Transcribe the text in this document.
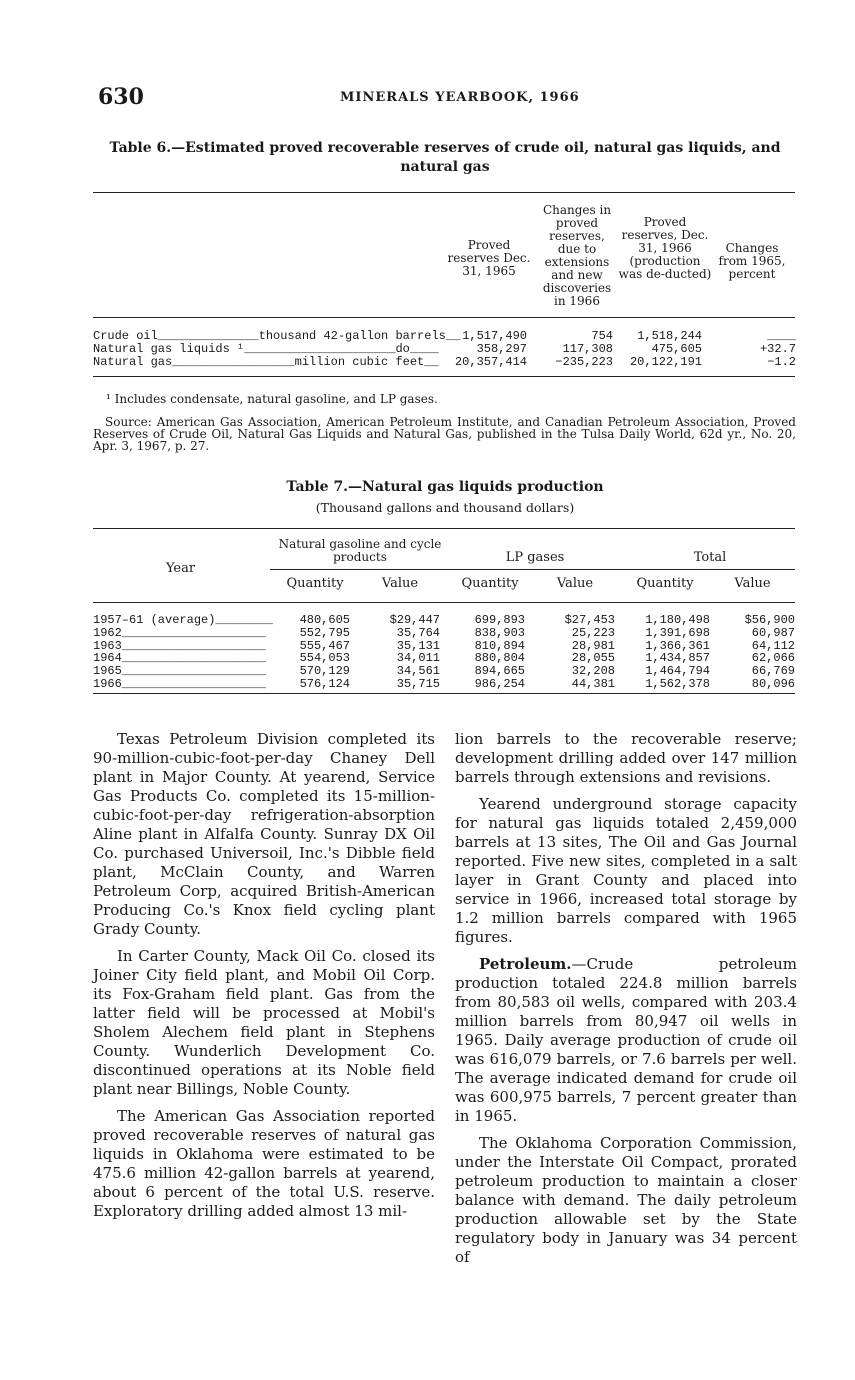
630	MINERALS YEARBOOK, 1966
Table 6.—Estimated proved recoverable reserves of crude oil, natural gas liquids, and
natural gas
Proved reserves Dec. 31, 1965
Changes in proved reserves, due to extensions and new discoveries in 1966
Proved reserves, Dec. 31, 1966 (production was de-ducted)
Changes from 1965, percent
Crude oil______________thousand 42-gallon barrels__ 1,517,490	754	1,518,244	____
Natural gas liquids ¹_____________________do____	358,297	117,308	475,605	+32.7
Natural gas_________________million cubic feet__	20,357,414	−235,223	20,122,191	−1.2
¹ Includes condensate, natural gasoline, and LP gases.
Source: American Gas Association, American Petroleum Institute, and Canadian Petroleum Association, Proved Reserves of Crude Oil, Natural Gas Liquids and Natural Gas, published in the Tulsa Daily World, 62d yr., No. 20, Apr. 3, 1967, p. 27.
Table 7.—Natural gas liquids production
(Thousand gallons and thousand dollars)
Year
Natural gasoline and cycle products	LP gases	Total
Quantity	Value	Quantity	Value	Quantity	Value
1957–61 (average)________	480,605	$29,447	699,893	$27,453	1,180,498	$56,900
1962____________________	552,795	35,764	838,903	25,223	1,391,698	60,987
1963____________________	555,467	35,131	810,894	28,981	1,366,361	64,112
1964____________________	554,053	34,011	880,804	28,055	1,434,857	62,066
1965____________________	570,129	34,561	894,665	32,208	1,464,794	66,769
1966____________________	576,124	35,715	986,254	44,381	1,562,378	80,096

Texas Petroleum Division completed its 90-million-cubic-foot-per-day Chaney Dell plant in Major County. At yearend, Service Gas Products Co. completed its 15-million-cubic-foot-per-day refrigeration-absorption Aline plant in Alfalfa County. Sunray DX Oil Co. purchased Universoil, Inc.'s Dibble field plant, McClain County, and Warren Petroleum Corp, acquired British-American Producing Co.'s Knox field cycling plant Grady County.

In Carter County, Mack Oil Co. closed its Joiner City field plant, and Mobil Oil Corp. its Fox-Graham field plant. Gas from the latter field will be processed at Mobil's Sholem Alechem field plant in Stephens County. Wunderlich Development Co. discontinued operations at its Noble field plant near Billings, Noble County.

The American Gas Association reported proved recoverable reserves of natural gas liquids in Oklahoma were estimated to be 475.6 million 42-gallon barrels at yearend, about 6 percent of the total U.S. reserve. Exploratory drilling added almost 13 mil-

lion barrels to the recoverable reserve; development drilling added over 147 million barrels through extensions and revisions.

Yearend underground storage capacity for natural gas liquids totaled 2,459,000 barrels at 13 sites, The Oil and Gas Journal reported. Five new sites, completed in a salt layer in Grant County and placed into service in 1966, increased total storage by 1.2 million barrels compared with 1965 figures.

Petroleum.—Crude petroleum production totaled 224.8 million barrels from 80,583 oil wells, compared with 203.4 million barrels from 80,947 oil wells in 1965. Daily average production of crude oil was 616,079 barrels, or 7.6 barrels per well. The average indicated demand for crude oil was 600,975 barrels, 7 percent greater than in 1965.

The Oklahoma Corporation Commission, under the Interstate Oil Compact, prorated petroleum production to maintain a closer balance with demand. The daily petroleum production allowable set by the State regulatory body in January was 34 percent of
